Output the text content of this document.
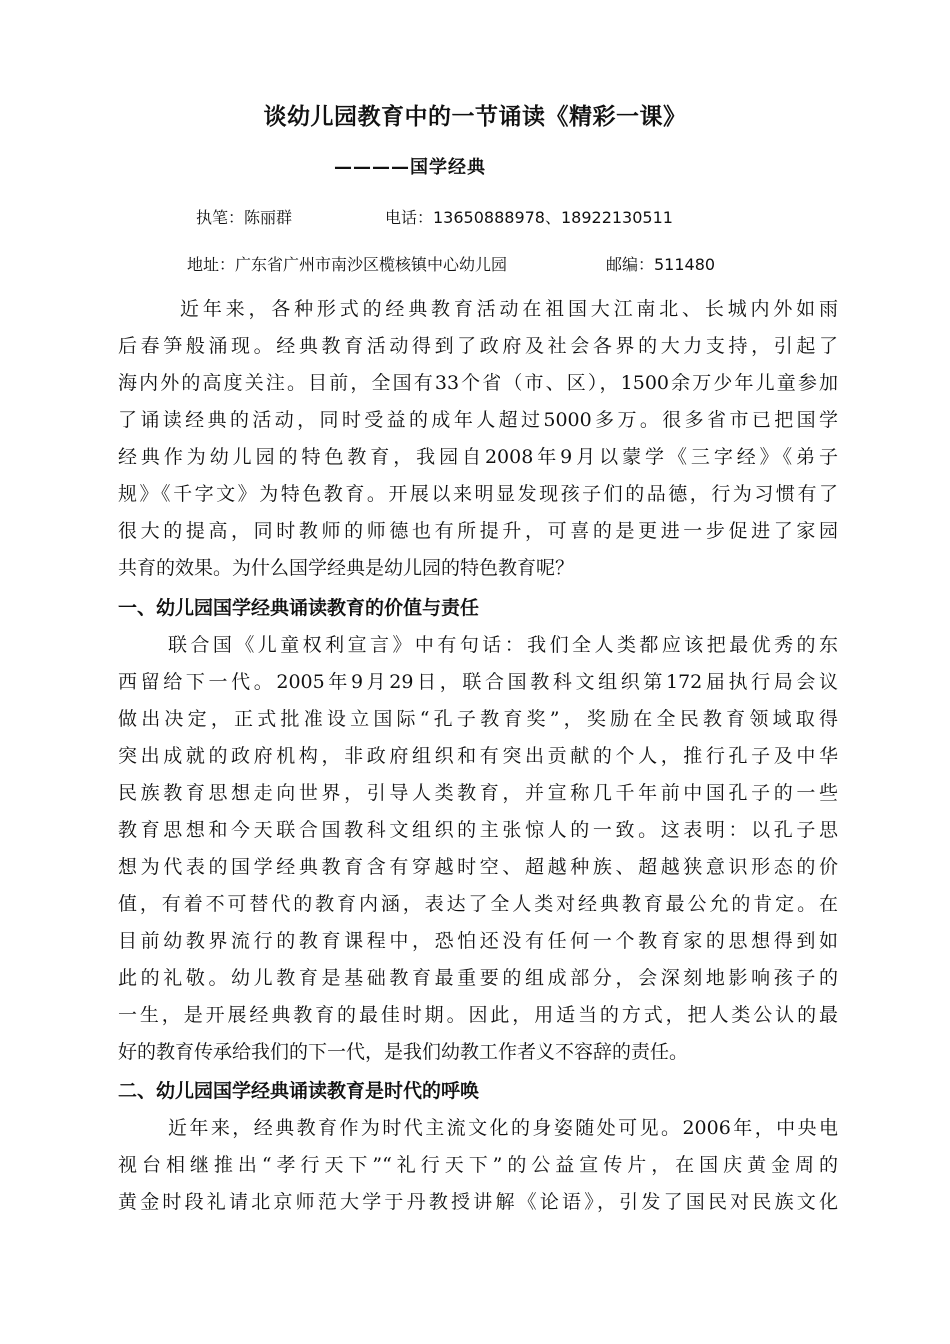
谈幼儿园教育中的一节诵读《精彩一课》
————国学经典
执笔：陈丽群	电话：13650888978、18922130511
地址：广东省广州市南沙区榄核镇中心幼儿园	邮编：511480
近年来，各种形式的经典教育活动在祖国大江南北、长城内外如雨
后春笋般涌现。经典教育活动得到了政府及社会各界的大力支持，引起了
海内外的高度关注。目前，全国有33个省（市、区），1500余万少年儿童参加
了诵读经典的活动，同时受益的成年人超过5000多万。很多省市已把国学
经典作为幼儿园的特色教育，我园自2008年9月以蒙学《三字经》《弟子
规》《千字文》为特色教育。开展以来明显发现孩子们的品德，行为习惯有了
很大的提高，同时教师的师德也有所提升，可喜的是更进一步促进了家园
共育的效果。为什么国学经典是幼儿园的特色教育呢？
一、幼儿园国学经典诵读教育的价值与责任
联合国《儿童权利宣言》中有句话：我们全人类都应该把最优秀的东
西留给下一代。2005年9月29日，联合国教科文组织第172届执行局会议
做出决定，正式批准设立国际“孔子教育奖”，奖励在全民教育领域取得
突出成就的政府机构，非政府组织和有突出贡献的个人，推行孔子及中华
民族教育思想走向世界，引导人类教育，并宣称几千年前中国孔子的一些
教育思想和今天联合国教科文组织的主张惊人的一致。这表明：以孔子思
想为代表的国学经典教育含有穿越时空、超越种族、超越狭意识形态的价
值，有着不可替代的教育内涵，表达了全人类对经典教育最公允的肯定。在
目前幼教界流行的教育课程中，恐怕还没有任何一个教育家的思想得到如
此的礼敬。幼儿教育是基础教育最重要的组成部分，会深刻地影响孩子的
一生，是开展经典教育的最佳时期。因此，用适当的方式，把人类公认的最
好的教育传承给我们的下一代，是我们幼教工作者义不容辞的责任。
二、幼儿园国学经典诵读教育是时代的呼唤
近年来，经典教育作为时代主流文化的身姿随处可见。2006年，中央电
视台相继推出“孝行天下”“礼行天下”的公益宣传片，在国庆黄金周的
黄金时段礼请北京师范大学于丹教授讲解《论语》，引发了国民对民族文化
